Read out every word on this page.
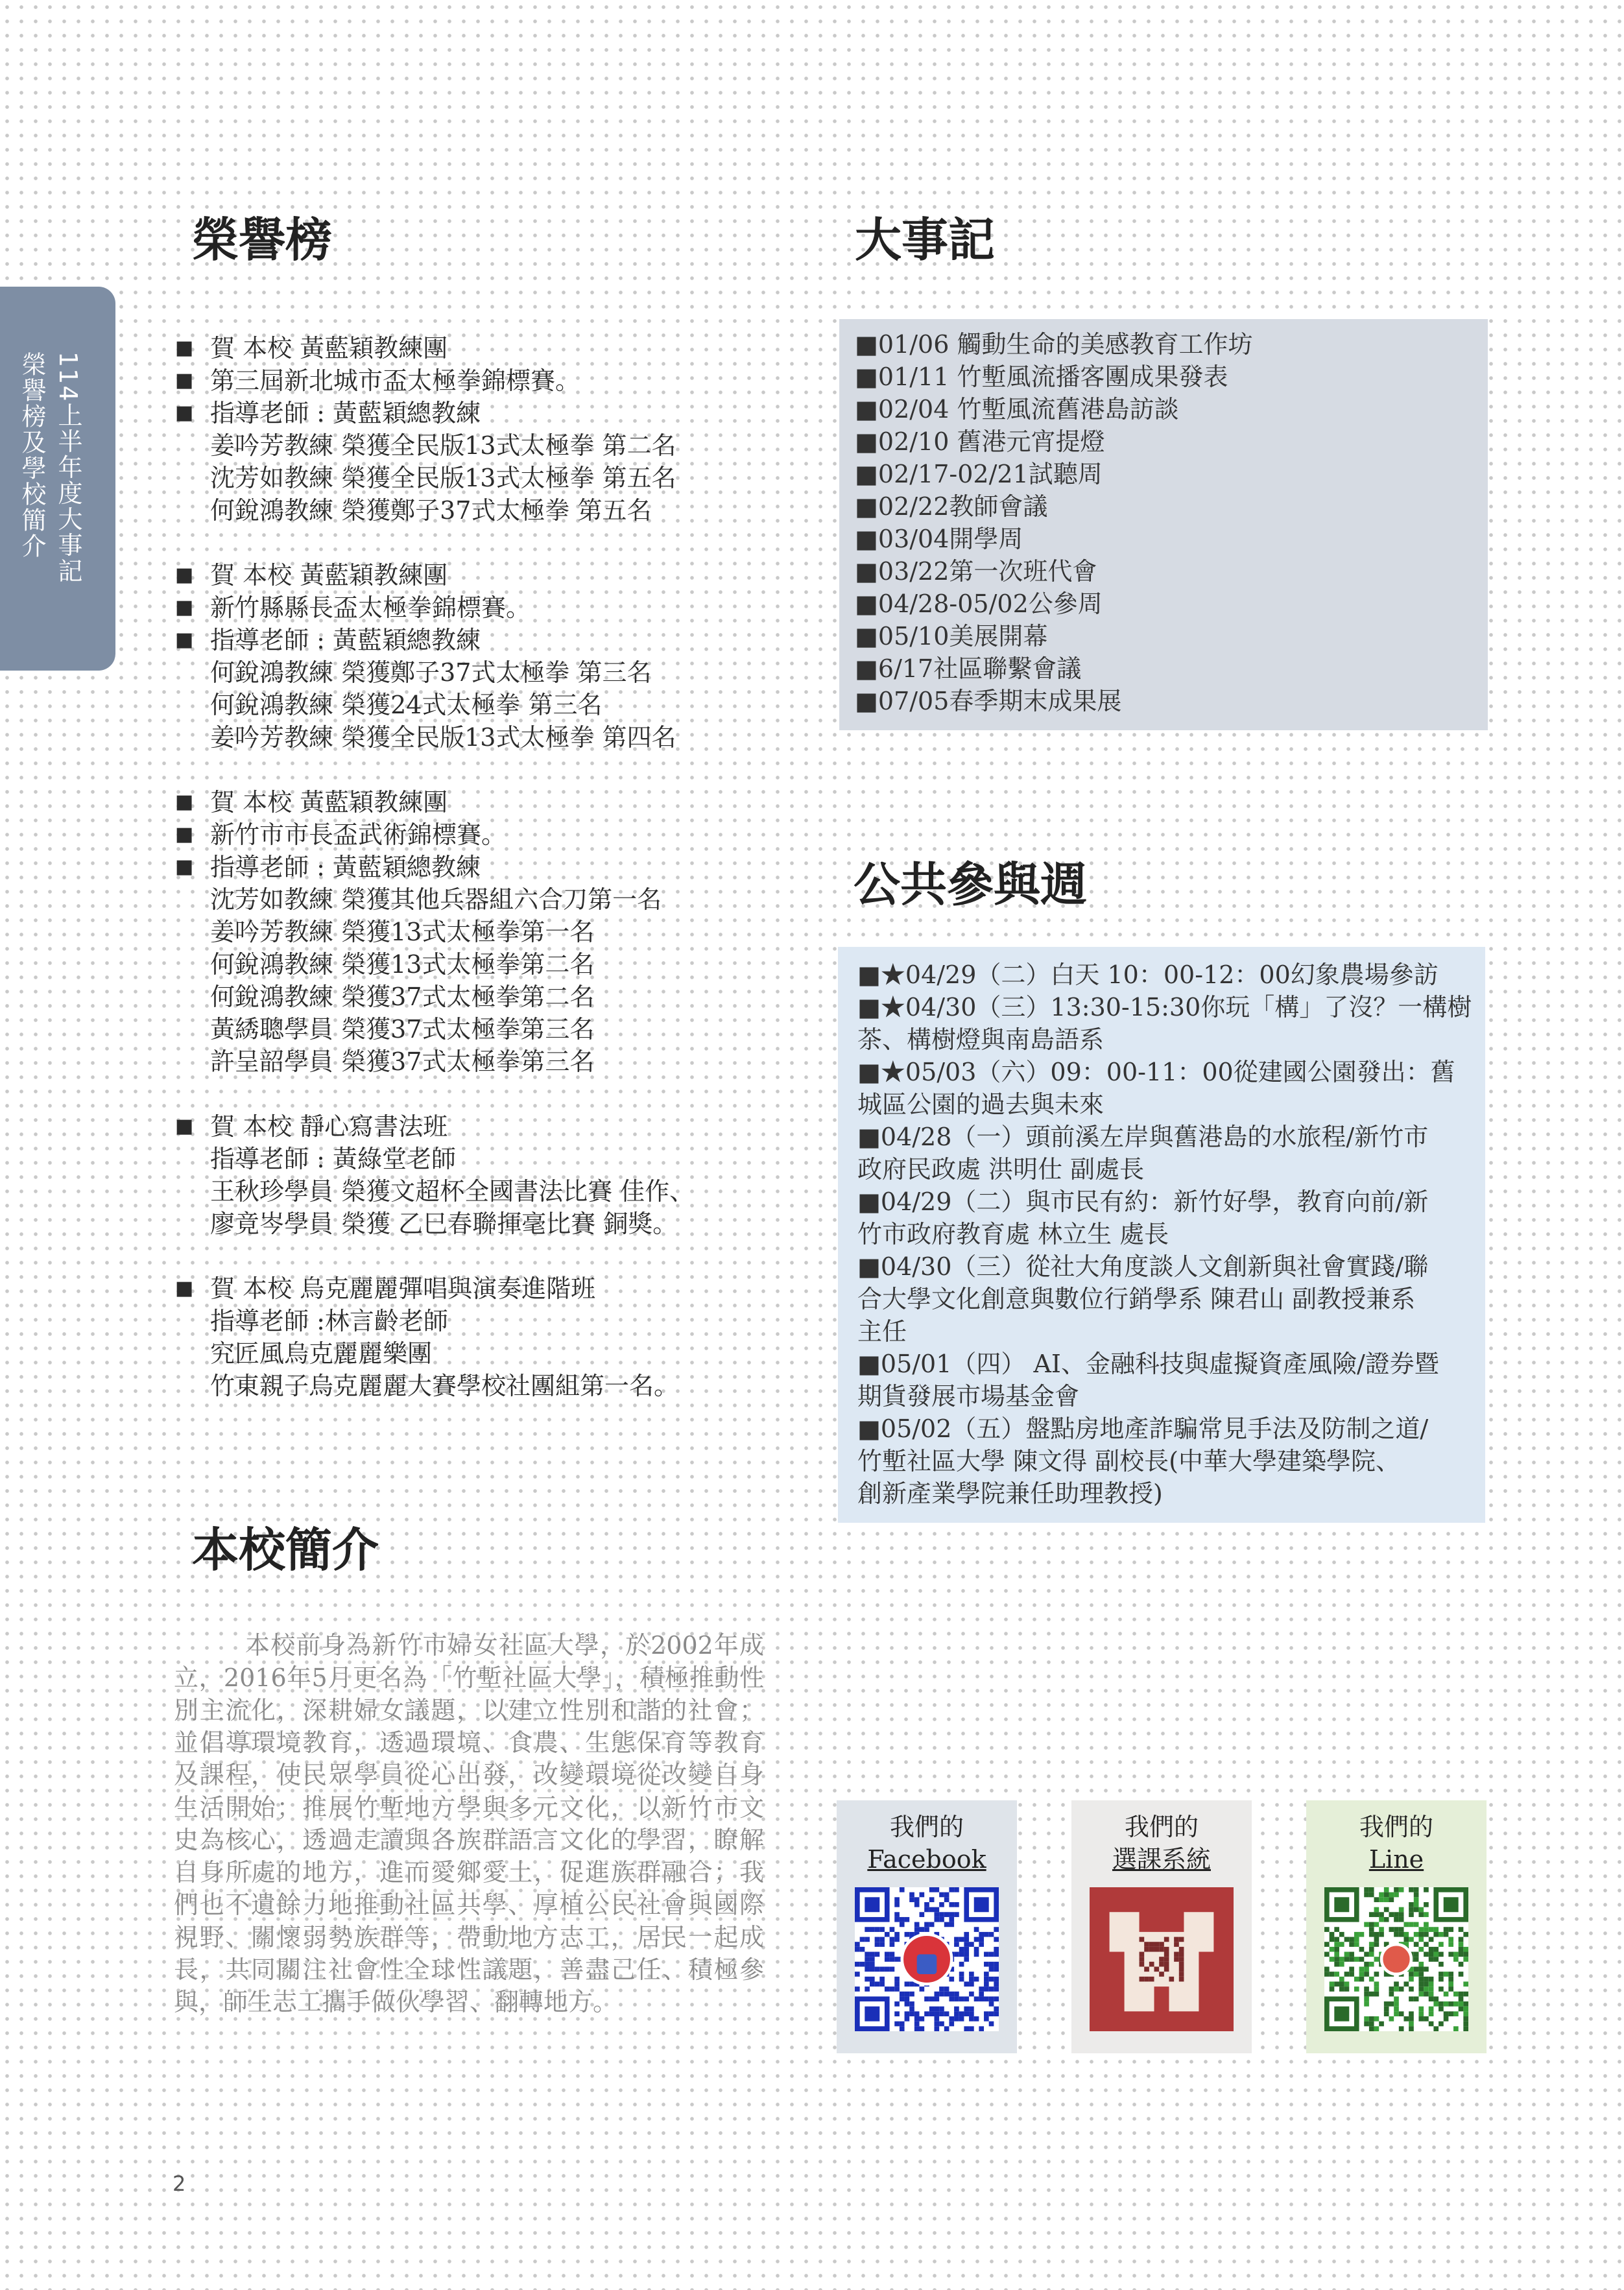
114上半年度大事記
榮譽榜及學校簡介
榮譽榜
■ 賀 本校 黃藍穎教練團
■ 第三屆新北城市盃太極拳錦標賽。
■ 指導老師 : 黃藍穎總教練
姜吟芳教練 榮獲全民版13式太極拳 第二名
沈芳如教練 榮獲全民版13式太極拳 第五名
何銳鴻教練 榮獲鄭子37式太極拳 第五名
■ 賀 本校 黃藍穎教練團
■ 新竹縣縣長盃太極拳錦標賽。
■ 指導老師 : 黃藍穎總教練
何銳鴻教練 榮獲鄭子37式太極拳 第三名
何銳鴻教練 榮獲24式太極拳 第三名
姜吟芳教練 榮獲全民版13式太極拳 第四名
■ 賀 本校 黃藍穎教練團
■ 新竹市市長盃武術錦標賽。
■ 指導老師 : 黃藍穎總教練
沈芳如教練 榮獲其他兵器組六合刀第一名
姜吟芳教練 榮獲13式太極拳第一名
何銳鴻教練 榮獲13式太極拳第二名
何銳鴻教練 榮獲37式太極拳第二名
黃綉聰學員 榮獲37式太極拳第三名
許呈韶學員 榮獲37式太極拳第三名
■ 賀 本校 靜心寫書法班
指導老師 : 黃綠堂老師
王秋珍學員 榮獲文超杯全國書法比賽 佳作、
廖竟岑學員 榮獲 乙巳春聯揮毫比賽 銅獎。
■ 賀 本校 烏克麗麗彈唱與演奏進階班
指導老師 :林言齡老師
究匠風烏克麗麗樂團
竹東親子烏克麗麗大賽學校社團組第一名。
本校簡介

本校前身為新竹市婦女社區大學，於2002年成立，2016年5月更名為「竹塹社區大學」，積極推動性別主流化，深耕婦女議題，以建立性別和諧的社會；並倡導環境教育，透過環境、食農、生態保育等教育及課程，使民眾學員從心出發，改變環境從改變自身生活開始；推展竹塹地方學與多元文化，以新竹市文史為核心，透過走讀與各族群語言文化的學習，瞭解自身所處的地方，進而愛鄉愛土，促進族群融合；我們也不遺餘力地推動社區共學、厚植公民社會與國際視野、關懷弱勢族群等，帶動地方志工，居民一起成長，共同關注社會性全球性議題，善盡己任、積極參與，師生志工攜手做伙學習、翻轉地方。

大事記
■01/06 觸動生命的美感教育工作坊
■01/11 竹塹風流播客團成果發表
■02/04 竹塹風流舊港島訪談
■02/10 舊港元宵提燈
■02/17-02/21試聽周
■02/22教師會議
■03/04開學周
■03/22第一次班代會
■04/28-05/02公參周
■05/10美展開幕
■6/17社區聯繫會議
■07/05春季期末成果展
公共參與週
■★04/29（二）白天 10：00-12：00幻象農場參訪
■★04/30（三）13:30-15:30你玩「構」了沒？一構樹
茶、構樹燈與南島語系
■★05/03（六）09：00-11：00從建國公園發出：舊
城區公園的過去與未來
■04/28（一）頭前溪左岸與舊港島的水旅程/新竹市
政府民政處 洪明仕 副處長
■04/29（二）與市民有約：新竹好學，教育向前/新
竹市政府教育處 林立生 處長
■04/30（三）從社大角度談人文創新與社會實踐/聯
合大學文化創意與數位行銷學系 陳君山 副教授兼系
主任
■05/01（四） AI、金融科技與虛擬資產風險/證券暨
期貨發展市場基金會
■05/02（五）盤點房地產詐騙常見手法及防制之道/
竹塹社區大學 陳文得 副校長(中華大學建築學院、
創新產業學院兼任助理教授)
我們的
Facebook
我們的
選課系統
我們的
Line
2
